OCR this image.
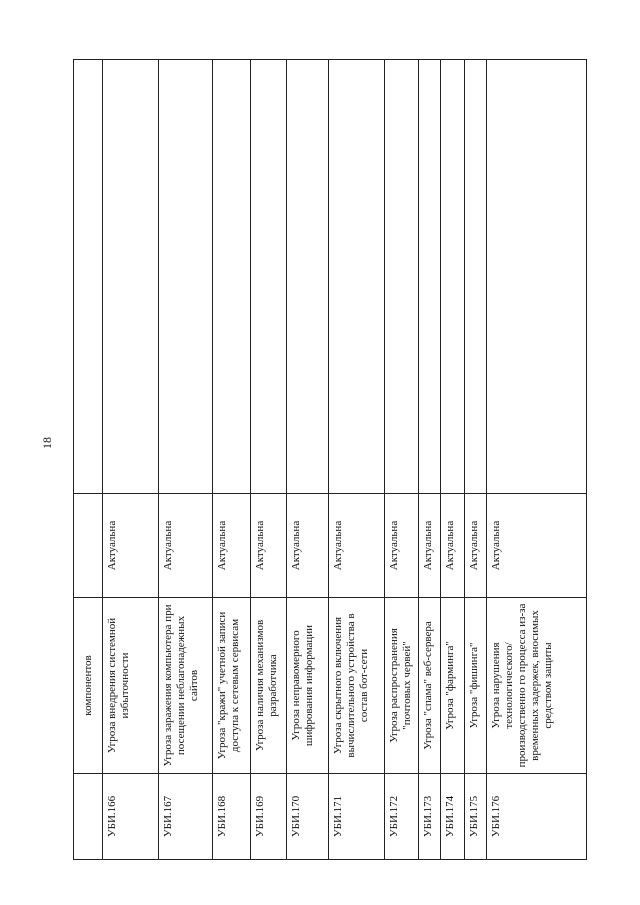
18
	компонентов		
УБИ.166	Угроза внедрения системной избыточности	Актуальна	
УБИ.167	Угроза заражения компьютера при посещении неблагонадежных сайтов	Актуальна	
УБИ.168	Угроза "кражи" учетной записи доступа к сетевым сервисам	Актуальна	
УБИ.169	Угроза наличия механизмов разработчика	Актуальна	
УБИ.170	Угроза неправомерного шифрования информации	Актуальна	
УБИ.171	Угроза скрытного включения вычислительного устройства в состав бот-сети	Актуальна	
УБИ.172	Угроза распространения "почтовых червей"	Актуальна	
УБИ.173	Угроза "спама" веб-сервера	Актуальна	
УБИ.174	Угроза "фарминга"	Актуальна	
УБИ.175	Угроза "фишинга"	Актуальна	
УБИ.176	Угроза нарушения технологического/производственно го процесса из-за временных задержек, вносимых средством защиты	Актуальна	
